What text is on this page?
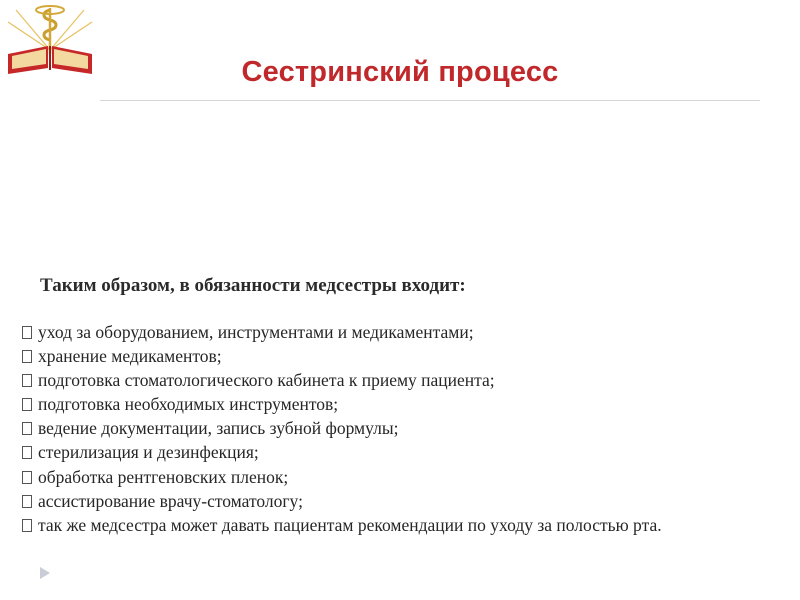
Сестринский процесс
Таким образом, в обязанности медсестры входит:
уход за оборудованием, инструментами и медикаментами;
хранение медикаментов;
подготовка стоматологического кабинета к приему пациента;
подготовка необходимых инструментов;
ведение документации, запись зубной формулы;
стерилизация и дезинфекция;
обработка рентгеновских пленок;
ассистирование врачу-стоматологу;
так же медсестра может давать пациентам рекомендации по уходу за полостью рта.
